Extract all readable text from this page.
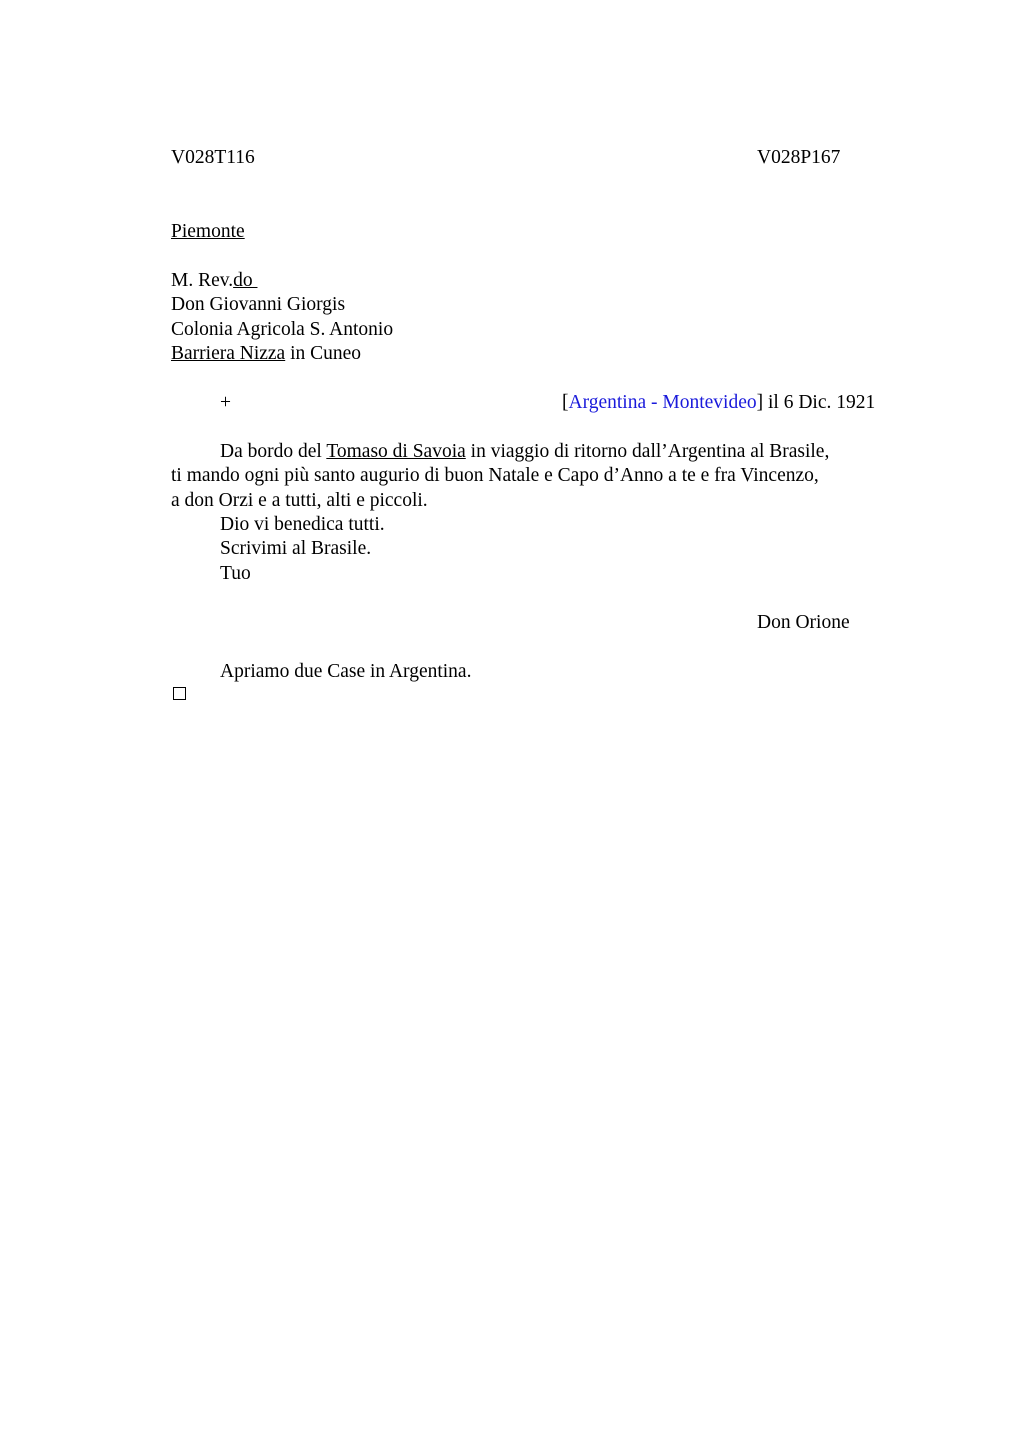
V028T116	V028P167
Piemonte
M. Rev.do
Don Giovanni Giorgis
Colonia Agricola S. Antonio
Barriera Nizza in Cuneo
+	[Argentina - Montevideo] il 6 Dic. 1921
Da bordo del Tomaso di Savoia in viaggio di ritorno dall’Argentina al Brasile,
ti mando ogni più santo augurio di buon Natale e Capo d’Anno a te e fra Vincenzo,
a don Orzi e a tutti, alti e piccoli.
Dio vi benedica tutti.
Scrivimi al Brasile.
Tuo
Don Orione
Apriamo due Case in Argentina.
